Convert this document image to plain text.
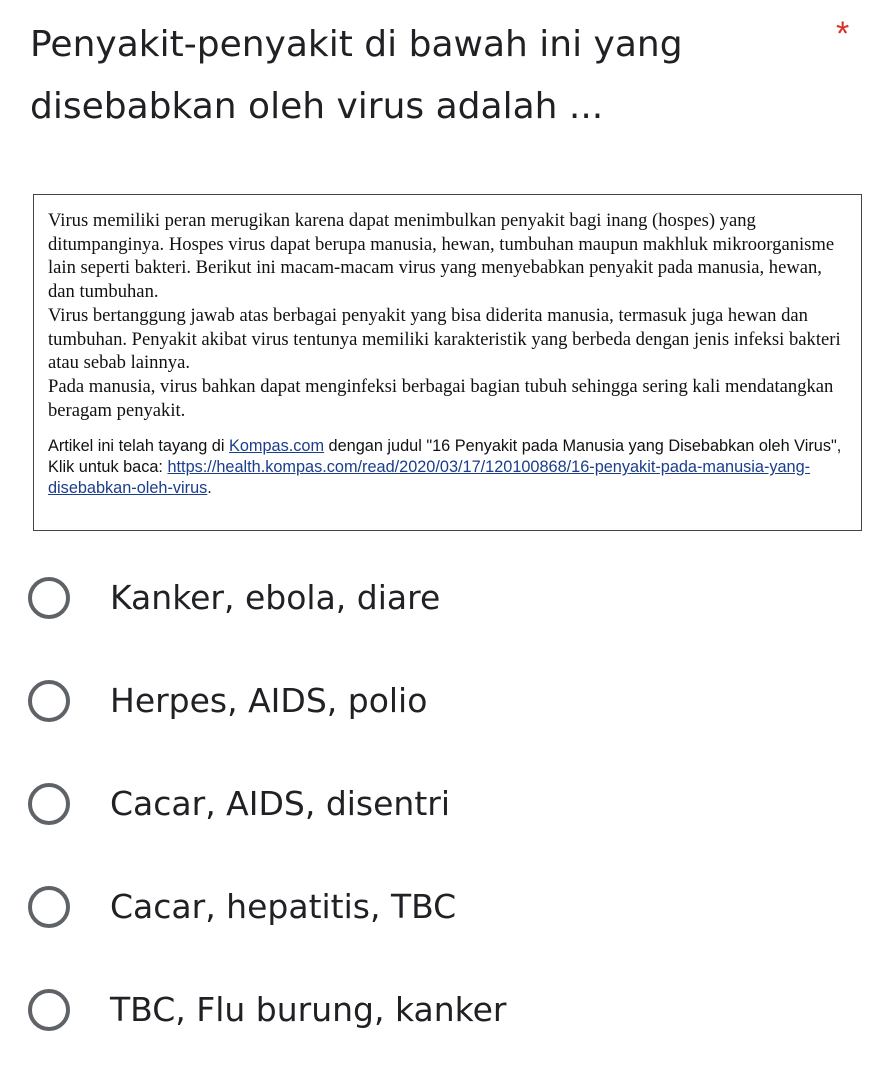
Penyakit-penyakit di bawah ini yang disebabkan oleh virus adalah ...
*

Virus memiliki peran merugikan karena dapat menimbulkan penyakit bagi inang (hospes) yang ditumpanginya. Hospes virus dapat berupa manusia, hewan, tumbuhan maupun makhluk mikroorganisme lain seperti bakteri. Berikut ini macam-macam virus yang menyebabkan penyakit pada manusia, hewan, dan tumbuhan.

Virus bertanggung jawab atas berbagai penyakit yang bisa diderita manusia, termasuk juga hewan dan tumbuhan. Penyakit akibat virus tentunya memiliki karakteristik yang berbeda dengan jenis infeksi bakteri atau sebab lainnya.

Pada manusia, virus bahkan dapat menginfeksi berbagai bagian tubuh sehingga sering kali mendatangkan beragam penyakit.

Artikel ini telah tayang di Kompas.com dengan judul "16 Penyakit pada Manusia yang Disebabkan oleh Virus", Klik untuk baca: https://health.kompas.com/read/2020/03/17/120100868/16-penyakit-pada-manusia-yang-disebabkan-oleh-virus.
Kanker, ebola, diare
Herpes, AIDS, polio
Cacar, AIDS, disentri
Cacar, hepatitis, TBC
TBC, Flu burung, kanker
